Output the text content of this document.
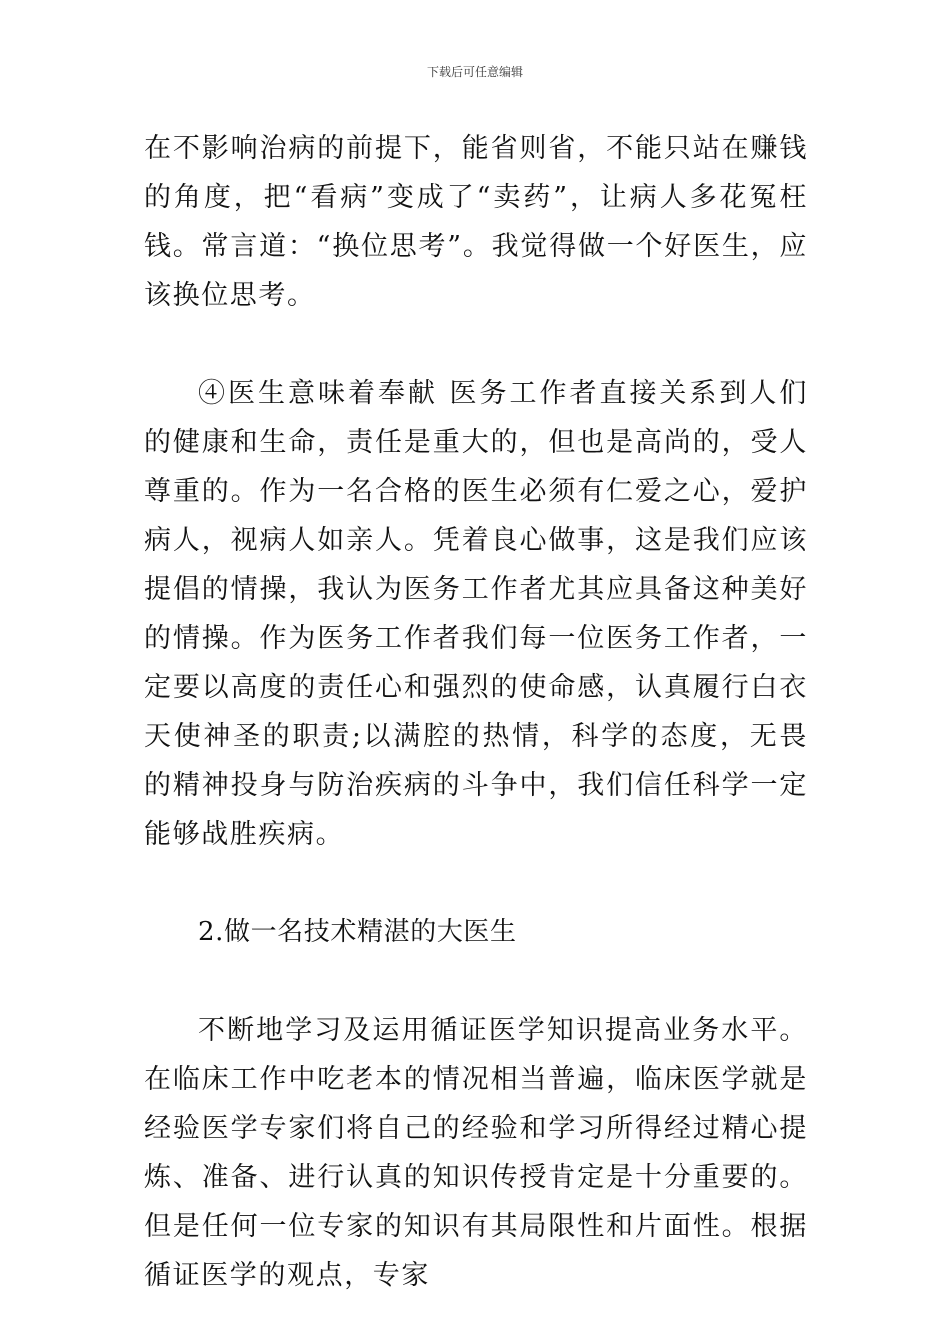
下载后可任意编辑

在不影响治病的前提下，能省则省，不能只站在赚钱的角度，把“看病”变成了“卖药”，让病人多花冤枉钱。常言道：“换位思考”。我觉得做一个好医生，应该换位思考。

④医生意味着奉献 医务工作者直接关系到人们的健康和生命，责任是重大的，但也是高尚的，受人尊重的。作为一名合格的医生必须有仁爱之心，爱护病人，视病人如亲人。凭着良心做事，这是我们应该提倡的情操，我认为医务工作者尤其应具备这种美好的情操。作为医务工作者我们每一位医务工作者，一定要以高度的责任心和强烈的使命感，认真履行白衣天使神圣的职责;以满腔的热情，科学的态度，无畏的精神投身与防治疾病的斗争中，我们信任科学一定能够战胜疾病。

2.做一名技术精湛的大医生

不断地学习及运用循证医学知识提高业务水平。在临床工作中吃老本的情况相当普遍，临床医学就是经验医学专家们将自己的经验和学习所得经过精心提炼、准备、进行认真的知识传授肯定是十分重要的。但是任何一位专家的知识有其局限性和片面性。根据循证医学的观点，专家
